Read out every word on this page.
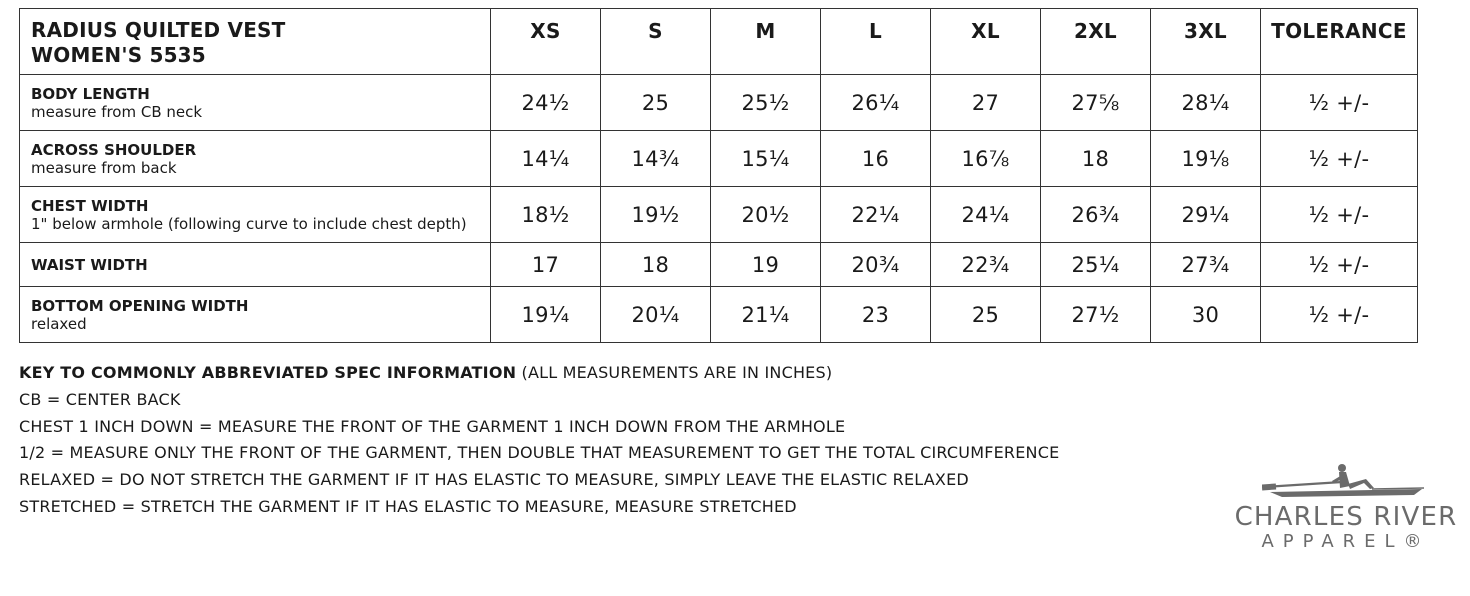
RADIUS QUILTED VEST
WOMEN'S 5535	XS	S	M	L	XL	2XL	3XL	TOLERANCE

BODY LENGTH
measure from CB neck	24½	25	25½	26¼	27	27⅝	28¼	½ +/-

ACROSS SHOULDER
measure from back	14¼	14¾	15¼	16	16⅞	18	19⅛	½ +/-

CHEST WIDTH
1" below armhole (following curve to include chest depth)	18½	19½	20½	22¼	24¼	26¾	29¼	½ +/-

WAIST WIDTH	17	18	19	20¾	22¾	25¼	27¾	½ +/-

BOTTOM OPENING WIDTH
relaxed	19¼	20¼	21¼	23	25	27½	30	½ +/-
KEY TO COMMONLY ABBREVIATED SPEC INFORMATION (ALL MEASUREMENTS ARE IN INCHES)
CB = CENTER BACK
CHEST 1 INCH DOWN = MEASURE THE FRONT OF THE GARMENT 1 INCH DOWN FROM THE ARMHOLE
1/2 = MEASURE ONLY THE FRONT OF THE GARMENT, THEN DOUBLE THAT MEASUREMENT TO GET THE TOTAL CIRCUMFERENCE
RELAXED = DO NOT STRETCH THE GARMENT IF IT HAS ELASTIC TO MEASURE, SIMPLY LEAVE THE ELASTIC RELAXED
STRETCHED = STRETCH THE GARMENT IF IT HAS ELASTIC TO MEASURE, MEASURE STRETCHED	CHARLES RIVER
APPAREL®
